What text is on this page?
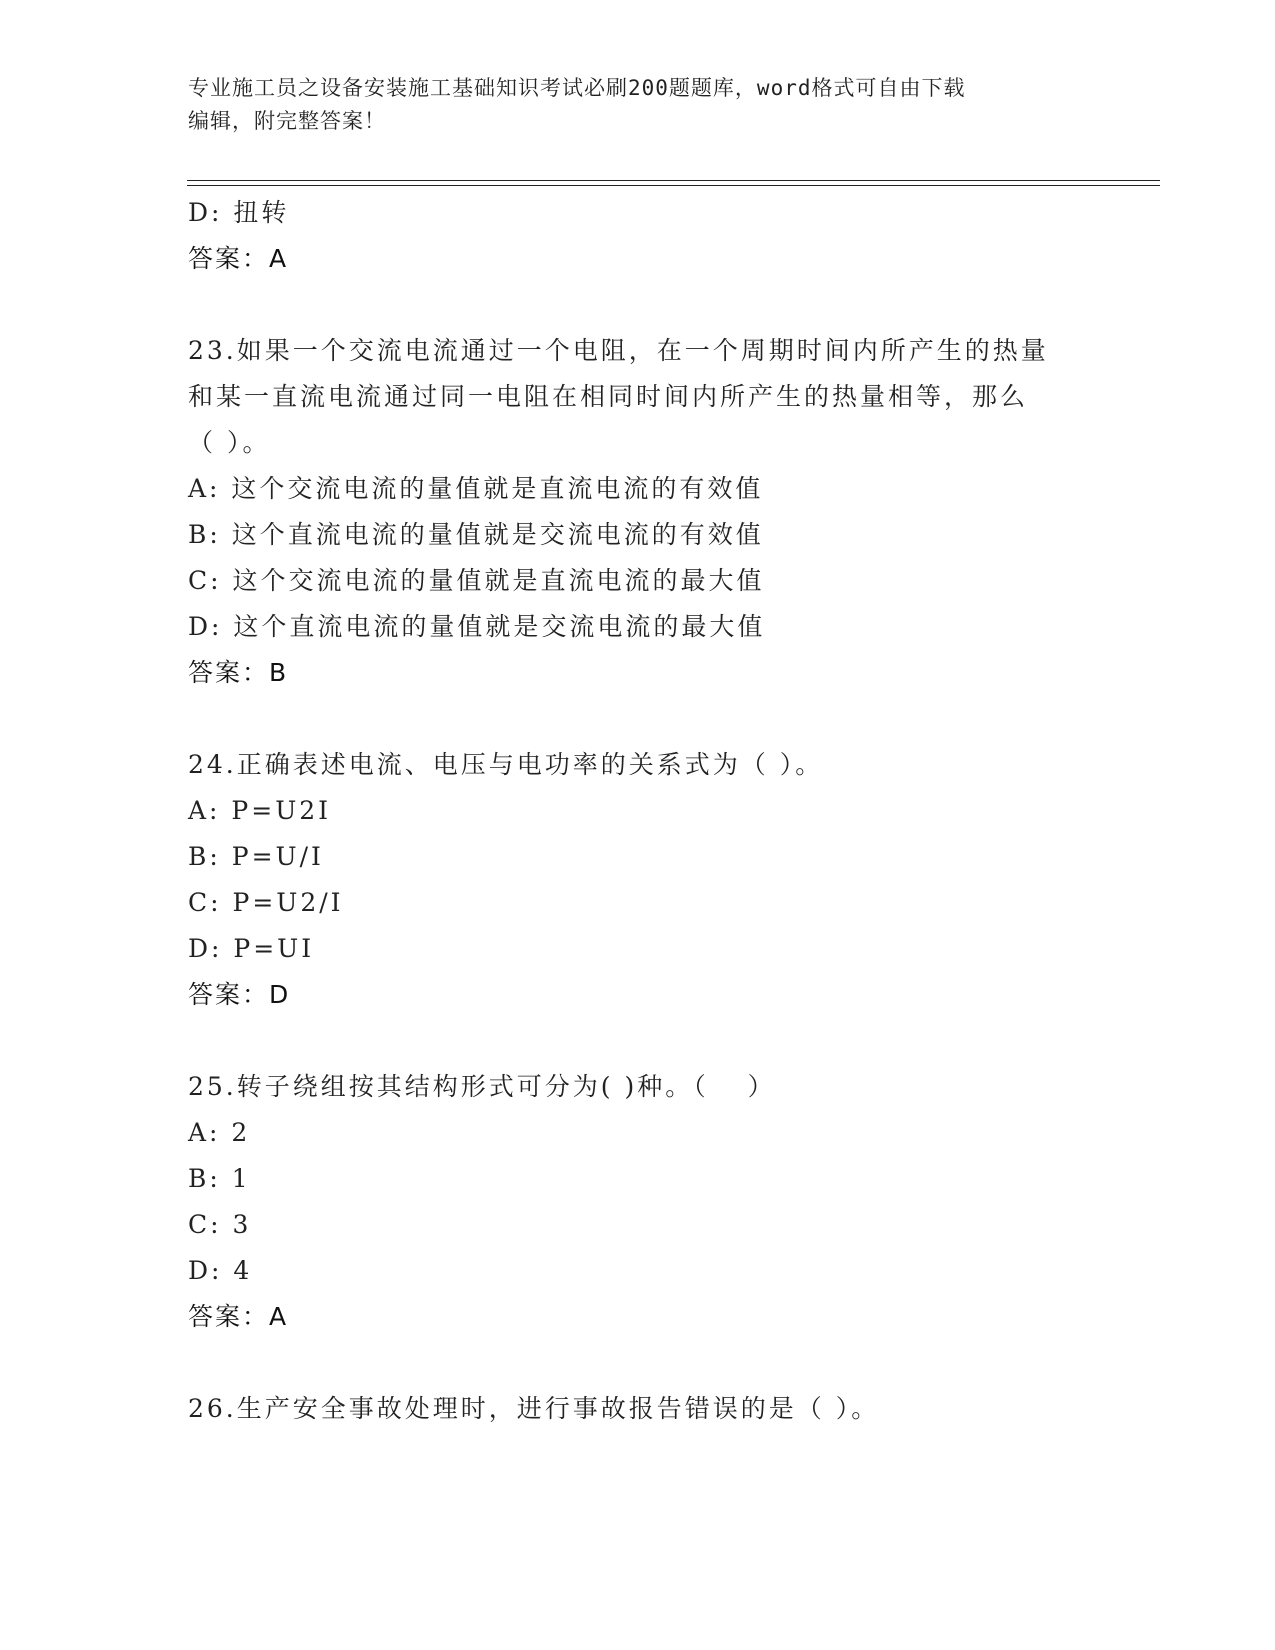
专业施工员之设备安装施工基础知识考试必刷200题题库，word格式可自由下载
编辑，附完整答案！
D: 扭转
答案：A
23.如果一个交流电流通过一个电阻，在一个周期时间内所产生的热量
和某一直流电流通过同一电阻在相同时间内所产生的热量相等，那么
（ ）。
A: 这个交流电流的量值就是直流电流的有效值
B: 这个直流电流的量值就是交流电流的有效值
C: 这个交流电流的量值就是直流电流的最大值
D: 这个直流电流的量值就是交流电流的最大值
答案：B
24.正确表述电流、电压与电功率的关系式为（ ）。
A: P=U2I
B: P=U/I
C: P=U2/I
D: P=UI
答案：D
25.转子绕组按其结构形式可分为( )种。（　 ）
A: 2
B: 1
C: 3
D: 4
答案：A
26.生产安全事故处理时，进行事故报告错误的是（ ）。
